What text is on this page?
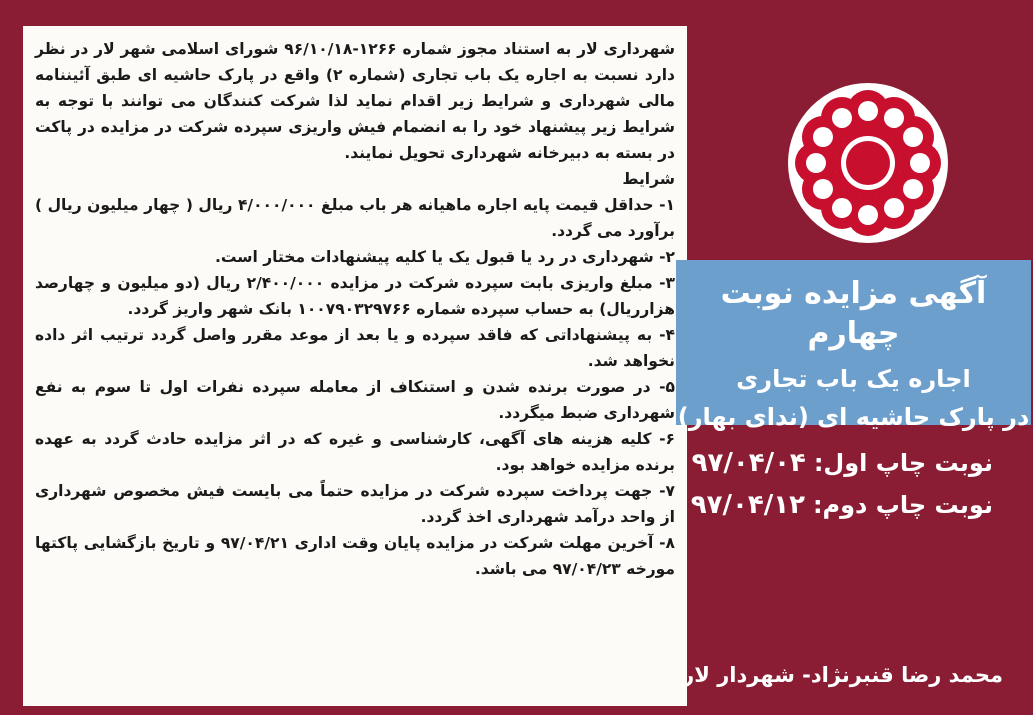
شهرداری لار به استناد مجوز شماره ۱۲۶۶-۹۶/۱۰/۱۸ شورای اسلامی شهر لار در نظر دارد نسبت به اجاره یک باب تجاری (شماره ۲) واقع در پارک حاشیه ای طبق آئیننامه مالی شهرداری و شرایط زیر اقدام نماید لذا شرکت کنندگان می توانند با توجه به شرایط زیر پیشنهاد خود را به انضمام فیش واریزی سپرده شرکت در مزایده در پاکت در بسته به دبیرخانه شهرداری تحویل نمایند.

شرایط

۱- حداقل قیمت پایه اجاره ماهیانه هر باب مبلغ ۴/۰۰۰/۰۰۰ ریال ( چهار میلیون ریال ) برآورد می گردد.

۲- شهرداری در رد یا قبول یک یا کلیه پیشنهادات مختار است.

۳- مبلغ واریزی بابت سپرده شرکت در مزایده ۲/۴۰۰/۰۰۰ ریال (دو میلیون و چهارصد هزارریال) به حساب سپرده شماره ۱۰۰۷۹۰۳۲۹۷۶۶ بانک شهر واریز گردد.

۴- به پیشنهاداتی که فاقد سپرده و یا بعد از موعد مقرر واصل گردد ترتیب اثر داده نخواهد شد.

۵- در صورت برنده شدن و استنکاف از معامله سپرده نفرات اول تا سوم به نفع شهرداری ضبط میگردد.

۶- کلیه هزینه های آگهی، کارشناسی و غیره که در اثر مزایده حادث گردد به عهده برنده مزایده خواهد بود.

۷- جهت پرداخت سپرده شرکت در مزایده حتماً می بایست فیش مخصوص شهرداری از واحد درآمد شهرداری اخذ گردد.

۸- آخرین مهلت شرکت در مزایده پایان وقت اداری ۹۷/۰۴/۲۱ و تاریخ بازگشایی پاکتها مورخه ۹۷/۰۴/۲۳ می باشد.

آگهی مزایده نوبت چهارم
اجاره یک باب تجاری
در پارک حاشیه ای (ندای بهار)
نوبت چاپ اول:۹۷/۰۴/۰۴
نوبت چاپ دوم:۹۷/۰۴/۱۲
محمد رضا قنبرنژاد- شهردار لار
